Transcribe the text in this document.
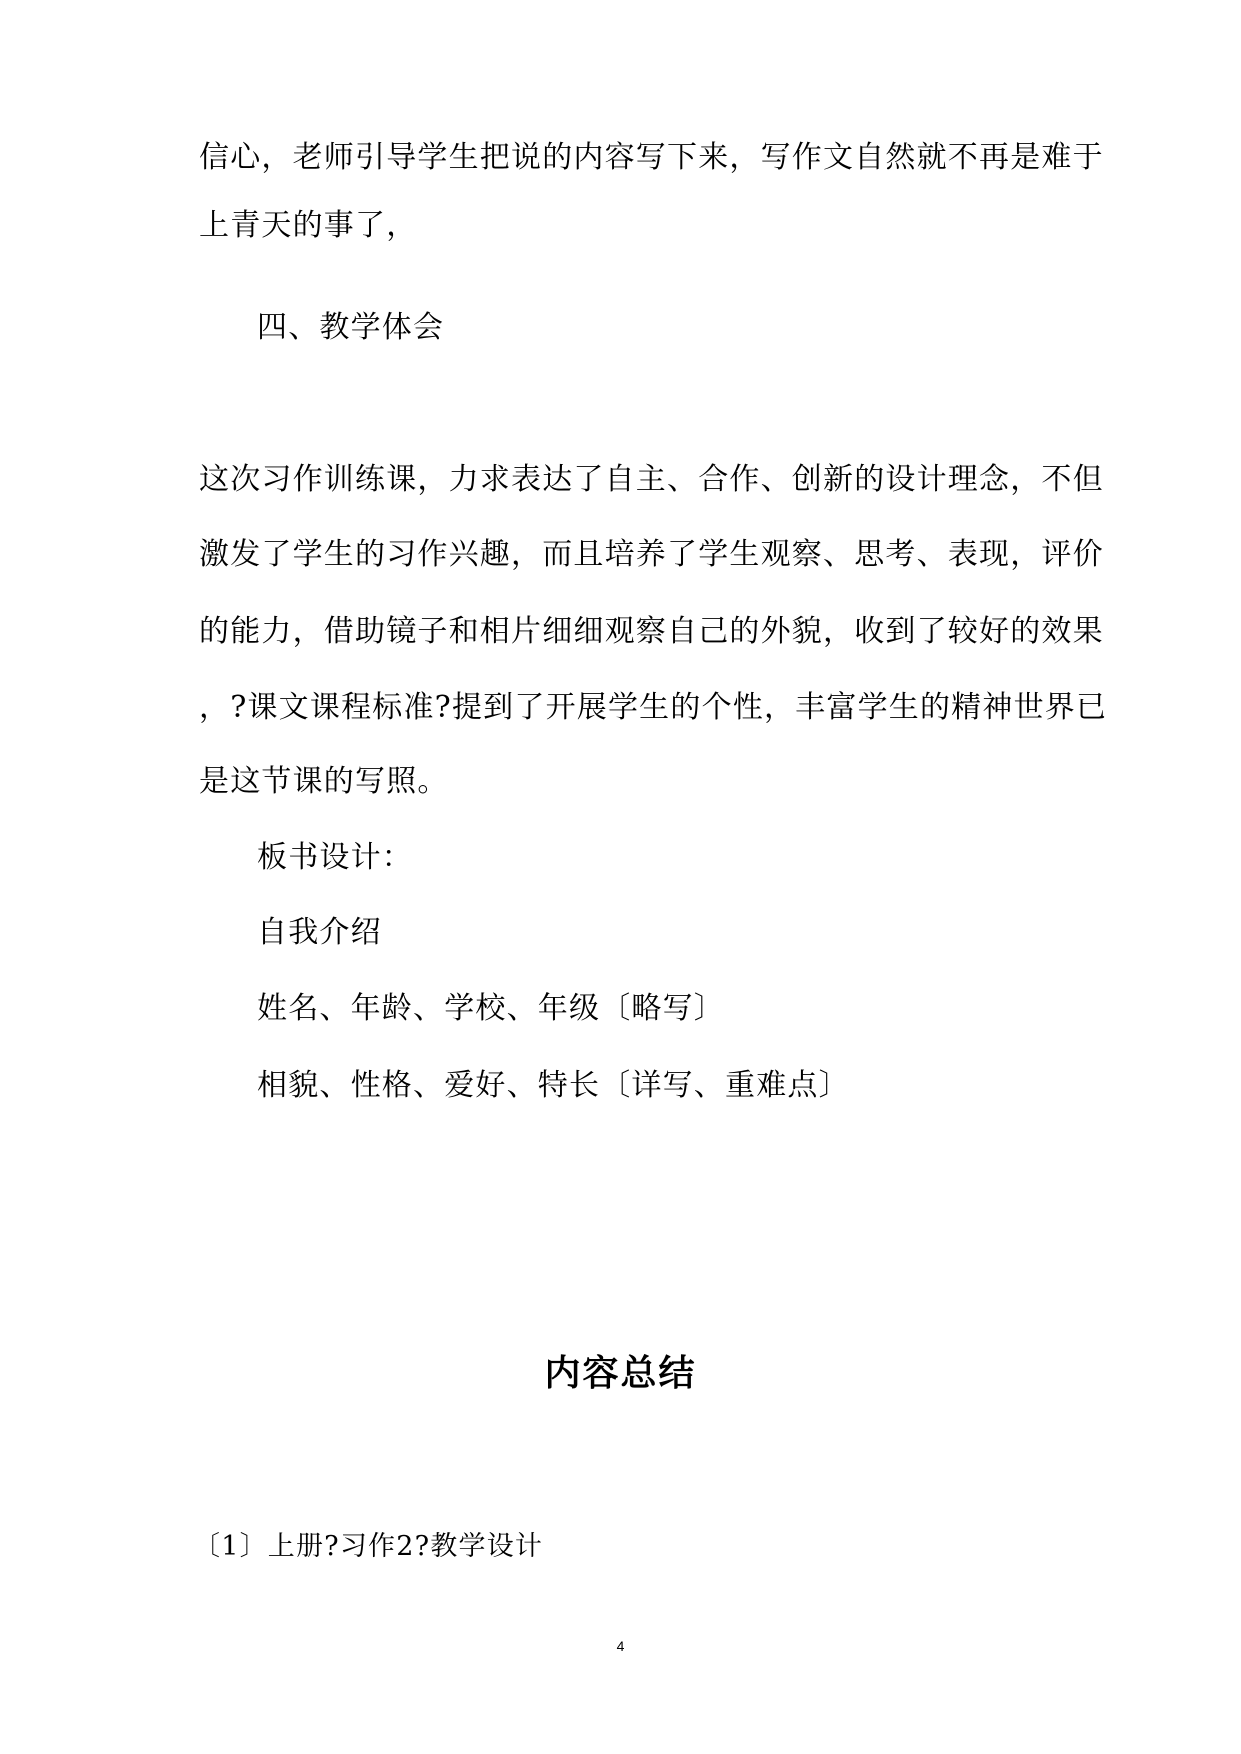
信心，老师引导学生把说的内容写下来，写作文自然就不再是难于
上青天的事了，
四、教学体会
这次习作训练课，力求表达了自主、合作、创新的设计理念，不但
激发了学生的习作兴趣，而且培养了学生观察、思考、表现，评价
的能力，借助镜子和相片细细观察自己的外貌，收到了较好的效果
，?课文课程标准?提到了开展学生的个性，丰富学生的精神世界已
是这节课的写照。
板书设计：
自我介绍
姓名、年龄、学校、年级〔略写〕
相貌、性格、爱好、特长〔详写、重难点〕
内容总结
〔1〕上册?习作2?教学设计
4
